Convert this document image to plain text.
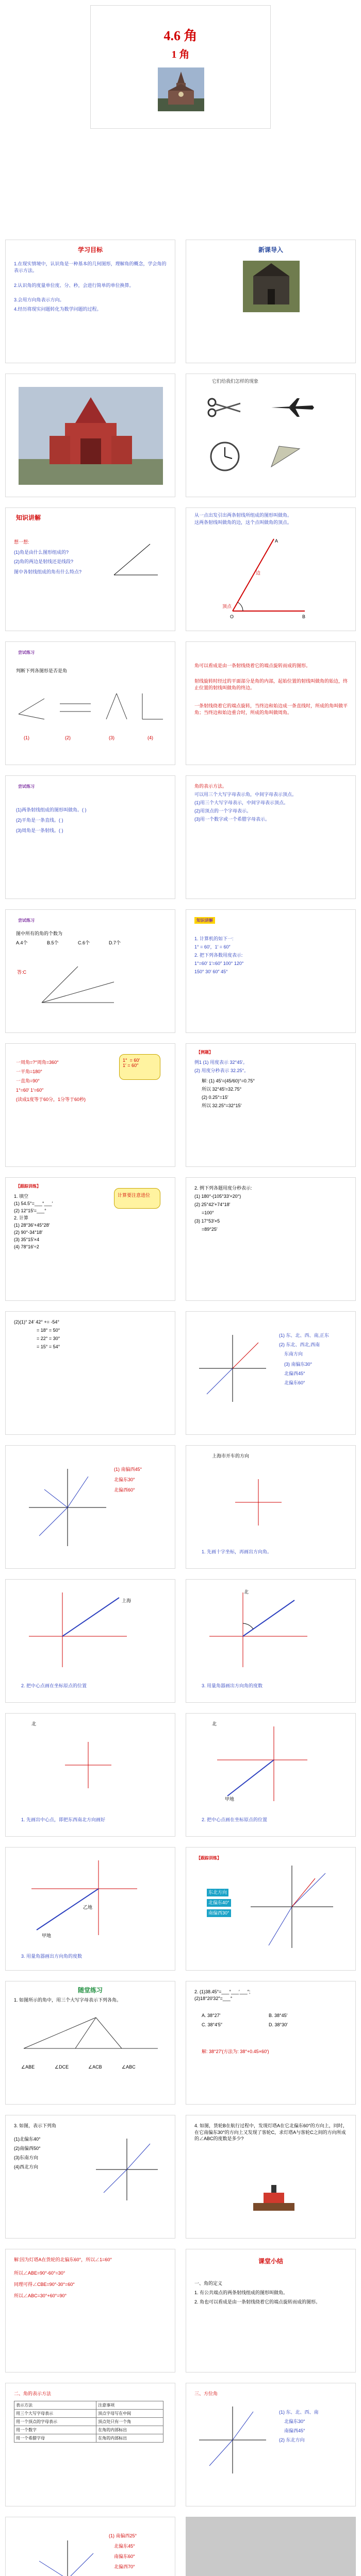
4.6 角
1 角
学习目标
1.在现实情境中，认识角是一种基本的几何图形，理解角的概念，学会角的表示方法。
2.认识角的度量单位度、分、秒，会进行简单的单位换算。
3.会用方向角表示方向。
4.经历将现实问题转化为数学问题的过程。
新课导入
它们给我们怎样的现象
知识讲解
想一想:
(1)角是由什么图形组成的?
(2)角的两边是射线还是线段?
图中各射线组成的角有什么特点?
从一点出发引出两条射线所组成的图形叫做角。
这两条射线叫做角的边，这个点叫做角的顶点。
顶点
O
A
B
边
尝试练习
判断下列各图形是否是角
(1)	(2)	(3)	(4)
角可以看成是由一条射线绕着它的端点旋转而成的图形。
射线旋转时经过的平面部分是角的内部，起始位置的射线叫做角的始边，终止位置的射线叫做角的终边。
一条射线绕着它的端点旋转，当终边和始边成一条直线时，所成的角叫做平角；当终边和始边重合时，所成的角叫做周角。
尝试练习
(1)两条射线组成的图形叫做角。( )
(2)平角是一条直线。( )
(3)周角是一条射线。( )
角的表示方法。
可以用三个大写字母表示角，中间字母表示顶点。
(1)用三个大写字母表示，中间字母表示顶点。
(2)用顶点的一个字母表示。
(3)用一个数字或一个希腊字母表示。
尝试练习
图中所有的角的个数为
A.4个	B.5个	C.6个	D.7个
答:C
知识讲解
1. 计算机的如下一:
1° = 60′，1′ = 60″
2. 把下列各数用度表示:
1°=60′ 1′=60″ 100° 120°
150° 30′ 60″ 45°
一周角=?°周角=360°
一平角=180°
一直角=90°
1°=60′ 1′=60″
(读成1度等于60分，1分等于60秒)
1°  = 60′
1′ = 60″
【例题】
例1 (1) 用度表示 32°45′。
(2) 用度分秒表示 32.25°。
解: (1) 45′=(45/60)°=0.75°
所以 32°45′=32.75°
(2) 0.25°=15′
所以 32.25°=32°15′
【跟踪训练】
1. 填空
(1) 54.5°=___°___′
(2) 12°15′=___°
2. 计算
(1) 28°36′+45°28′
(2) 90°-34°18′
(3) 35°15′×4
(4) 78°16′÷2
计算要注意进位
2. 例下列各题用度分秒表示:
(1) 180°-(105°33′+20°)
(2) 25°42′+74°18′
=100°
(3) 17°53′×5
=89°25′
(2)(1)° 24′ 42° += -54°
= 18° = 50°
= 22° = 30°
= 15° = 54°
(1) 东、北、西、南,正东
(2) 东北、西北,西南
东南方向
(3) 南偏东30°
北偏西45°
北偏东60°
(1) 南偏西45°
北偏东30°
北偏西60°
上海市开车的方向
1. 先画十字坐标，再画出方向角。
上海
2. 把中心点画在坐标原点的位置
北
3. 用量角器画出方向角的度数
北
1. 先画出中心点，即把东西南北方向画好
北
甲地
2. 把中心点画在坐标原点的位置
甲地
乙地
3. 用量角器画出方向角的度数
【跟踪训练】
东北方向
北偏东40°
南偏西30°
随堂练习
1. 如图所示的角中，用三个大写字母表示下列各角。
∠ABE	∠DCE	∠ACB	∠ABC
2. (1)38.45°=___°___′___″;
(2)18°20′32″=___°
A. 38°27′	B. 38°45′
C. 38°4′5″	D. 38°30′
解: 38°27′(方法为: 38°+0.45×60′)
3. 如图，表示下列角
(1)北偏东40°
(2)南偏西50°
(3)东南方向
(4)西北方向
4. 如图，货轮B在航行过程中，发现灯塔A在它北偏东60°的方向上，同时，在它南偏东30°的方向上又发现了客轮C，求灯塔A与客轮C之间的方向所成的∠ABC的度数是多少?
解:因为灯塔A在货轮的北偏东60°，所以∠1=60°
所以∠ABE=90°-60°=30°
同理可得∠CBE=90°-30°=60°
所以∠ABC=30°+60°=90°
课堂小结
一、角的定义
1. 有公共端点的两条射线组成的图形叫做角。
2. 角也可以看成是由一条射线绕着它的端点旋转而成的图形。
二、角的表示方法
表示方法	注意事项
用三个大写字母表示	顶点字母写在中间
用一个顶点的字母表示	顶点处只有一个角
用一个数字	在角的内部标出
用一个希腊字母	在角的内部标出
三、方位角
(1) 东、北、西、南
北偏东30°
南偏西45°
(2) 东北方向
(1) 南偏西25°
北偏东45°
南偏东60°
北偏西70°
